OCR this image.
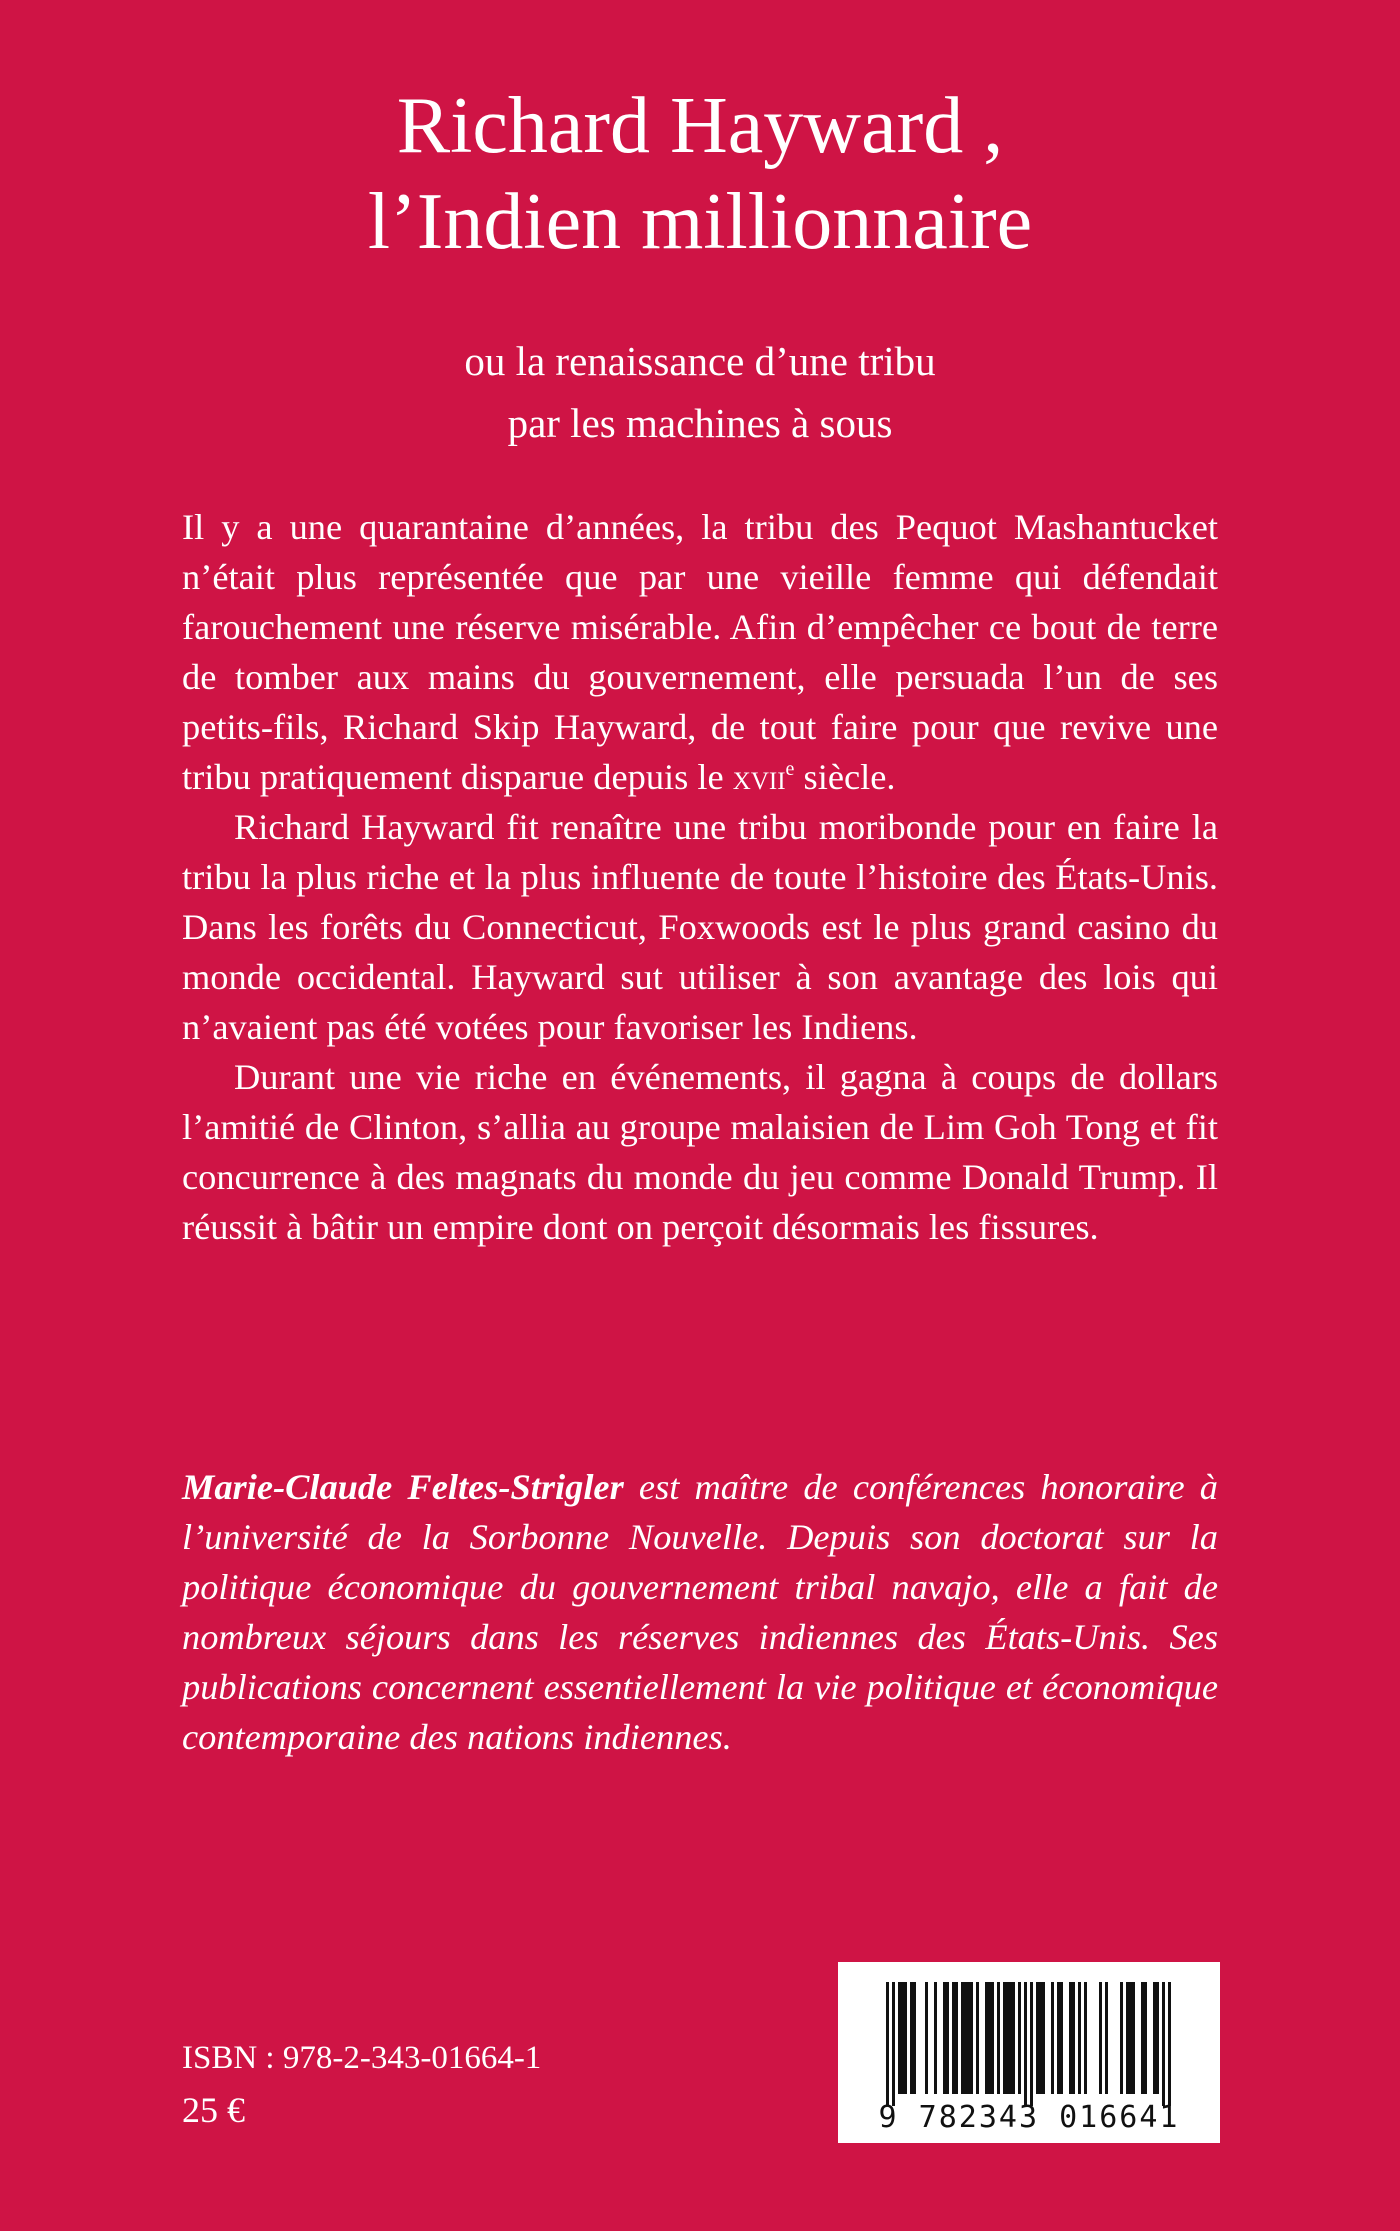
Richard Hayward ,
l’Indien millionnaire
ou la renaissance d’une tribu
par les machines à sous

Il y a une quarantaine d’années, la tribu des Pequot Mashantucket n’était plus représentée que par une vieille femme qui défendait farouchement une réserve misérable. Afin d’empêcher ce bout de terre de tomber aux mains du gouvernement, elle persuada l’un de ses petits-fils, Richard Skip Hayward, de tout faire pour que revive une tribu pratiquement disparue depuis le xvii$^e$ siècle.

Richard Hayward fit renaître une tribu moribonde pour en faire la tribu la plus riche et la plus influente de toute l’histoire des États-Unis. Dans les forêts du Connecticut, Foxwoods est le plus grand casino du monde occidental. Hayward sut utiliser à son avantage des lois qui n’avaient pas été votées pour favoriser les Indiens.

Durant une vie riche en événements, il gagna à coups de dollars l’amitié de Clinton, s’allia au groupe malaisien de Lim Goh Tong et fit concurrence à des magnats du monde du jeu comme Donald Trump. Il réussit à bâtir un empire dont on perçoit désormais les fissures.

Marie-Claude Feltes-Strigler est maître de conférences honoraire à l’université de la Sorbonne Nouvelle. Depuis son doctorat sur la politique économique du gouvernement tribal navajo, elle a fait de nombreux séjours dans les réserves indiennes des États-Unis. Ses publications concernent essentiellement la vie politique et économique contemporaine des nations indiennes.
ISBN : 978-2-343-01664-1
25 €	9 782343 016641
